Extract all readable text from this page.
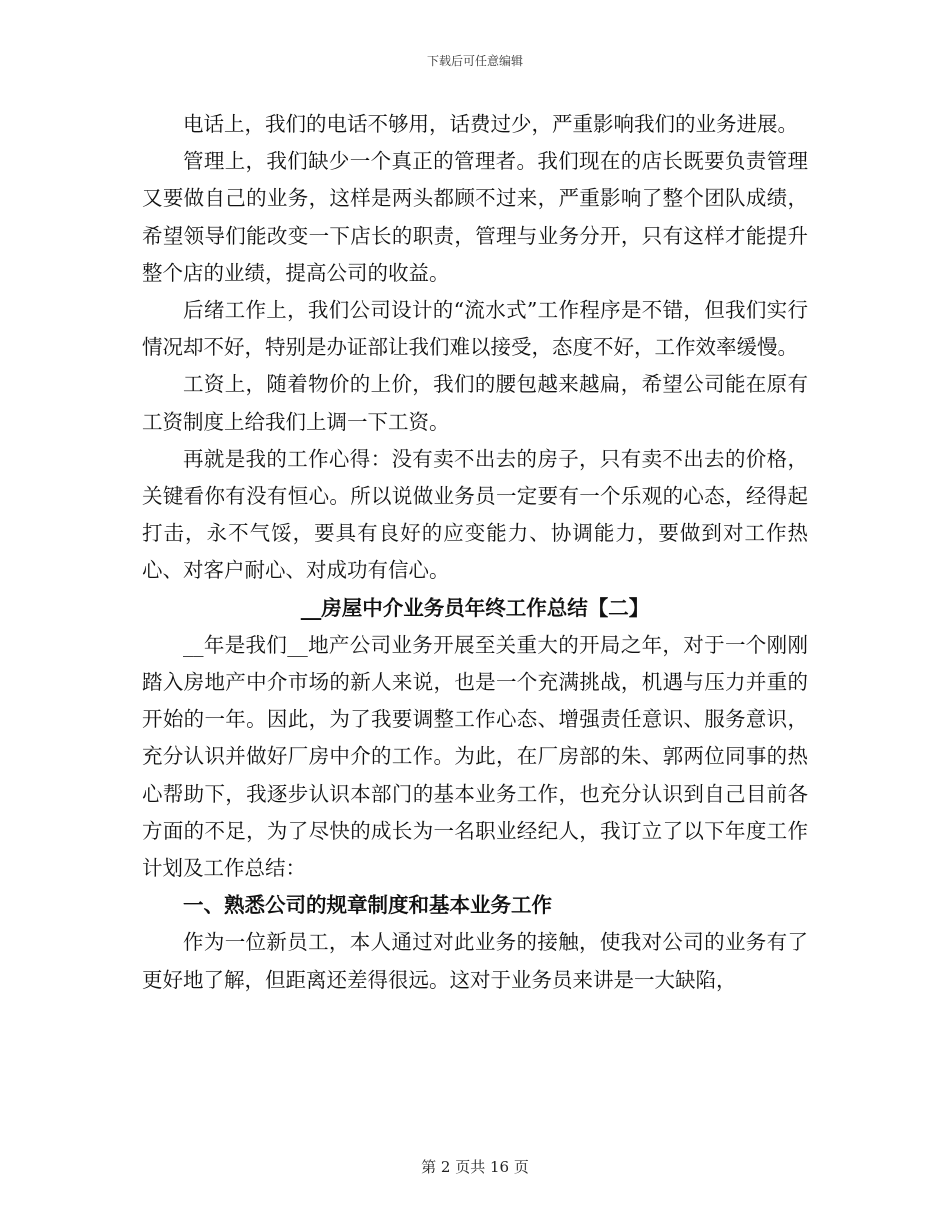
下载后可任意编辑

电话上，我们的电话不够用，话费过少，严重影响我们的业务进展。

管理上，我们缺少一个真正的管理者。我们现在的店长既要负责管理又要做自己的业务，这样是两头都顾不过来，严重影响了整个团队成绩，希望领导们能改变一下店长的职责，管理与业务分开，只有这样才能提升整个店的业绩，提高公司的收益。

后绪工作上，我们公司设计的“流水式”工作程序是不错，但我们实行情况却不好，特别是办证部让我们难以接受，态度不好，工作效率缓慢。

工资上，随着物价的上价，我们的腰包越来越扁，希望公司能在原有工资制度上给我们上调一下工资。

再就是我的工作心得：没有卖不出去的房子，只有卖不出去的价格，关键看你有没有恒心。所以说做业务员一定要有一个乐观的心态，经得起打击，永不气馁，要具有良好的应变能力、协调能力，要做到对工作热心、对客户耐心、对成功有信心。

__房屋中介业务员年终工作总结【二】

__年是我们__地产公司业务开展至关重大的开局之年，对于一个刚刚踏入房地产中介市场的新人来说，也是一个充满挑战，机遇与压力并重的开始的一年。因此，为了我要调整工作心态、增强责任意识、服务意识，充分认识并做好厂房中介的工作。为此，在厂房部的朱、郭两位同事的热心帮助下，我逐步认识本部门的基本业务工作，也充分认识到自己目前各方面的不足，为了尽快的成长为一名职业经纪人，我订立了以下年度工作计划及工作总结：

一、熟悉公司的规章制度和基本业务工作

作为一位新员工，本人通过对此业务的接触，使我对公司的业务有了更好地了解，但距离还差得很远。这对于业务员来讲是一大缺陷，

第 2 页共 16 页
